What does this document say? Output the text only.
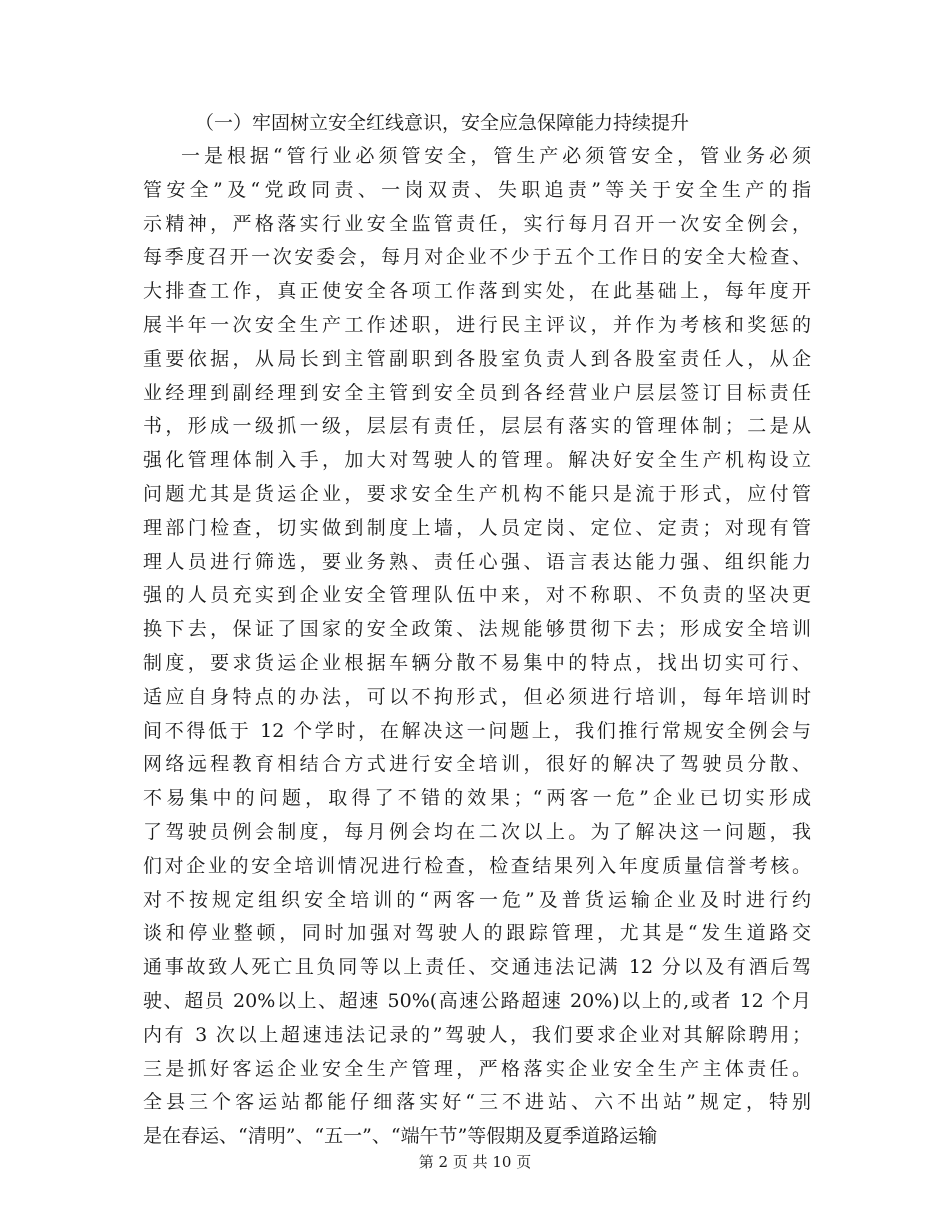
（一）牢固树立安全红线意识，安全应急保障能力持续提升
一是根据“管行业必须管安全，管生产必须管安全，管业务必须
管安全”及“党政同责、一岗双责、失职追责”等关于安全生产的指
示精神，严格落实行业安全监管责任，实行每月召开一次安全例会，
每季度召开一次安委会，每月对企业不少于五个工作日的安全大检查、
大排查工作，真正使安全各项工作落到实处，在此基础上，每年度开
展半年一次安全生产工作述职，进行民主评议，并作为考核和奖惩的
重要依据，从局长到主管副职到各股室负责人到各股室责任人，从企
业经理到副经理到安全主管到安全员到各经营业户层层签订目标责任
书，形成一级抓一级，层层有责任，层层有落实的管理体制；二是从
强化管理体制入手，加大对驾驶人的管理。解决好安全生产机构设立
问题尤其是货运企业，要求安全生产机构不能只是流于形式，应付管
理部门检查，切实做到制度上墙，人员定岗、定位、定责；对现有管
理人员进行筛选，要业务熟、责任心强、语言表达能力强、组织能力
强的人员充实到企业安全管理队伍中来，对不称职、不负责的坚决更
换下去，保证了国家的安全政策、法规能够贯彻下去；形成安全培训
制度，要求货运企业根据车辆分散不易集中的特点，找出切实可行、
适应自身特点的办法，可以不拘形式，但必须进行培训，每年培训时
间不得低于 12 个学时，在解决这一问题上，我们推行常规安全例会与
网络远程教育相结合方式进行安全培训，很好的解决了驾驶员分散、
不易集中的问题，取得了不错的效果；“两客一危”企业已切实形成
了驾驶员例会制度，每月例会均在二次以上。为了解决这一问题，我
们对企业的安全培训情况进行检查，检查结果列入年度质量信誉考核。
对不按规定组织安全培训的“两客一危”及普货运输企业及时进行约
谈和停业整顿，同时加强对驾驶人的跟踪管理，尤其是“发生道路交
通事故致人死亡且负同等以上责任、交通违法记满 12 分以及有酒后驾
驶、超员 20%以上、超速 50%(高速公路超速 20%)以上的,或者 12 个月
内有 3 次以上超速违法记录的”驾驶人，我们要求企业对其解除聘用；
三是抓好客运企业安全生产管理，严格落实企业安全生产主体责任。
全县三个客运站都能仔细落实好“三不进站、六不出站”规定，特别
是在春运、“清明”、“五一”、“端午节”等假期及夏季道路运输
第 2 页 共 10 页
